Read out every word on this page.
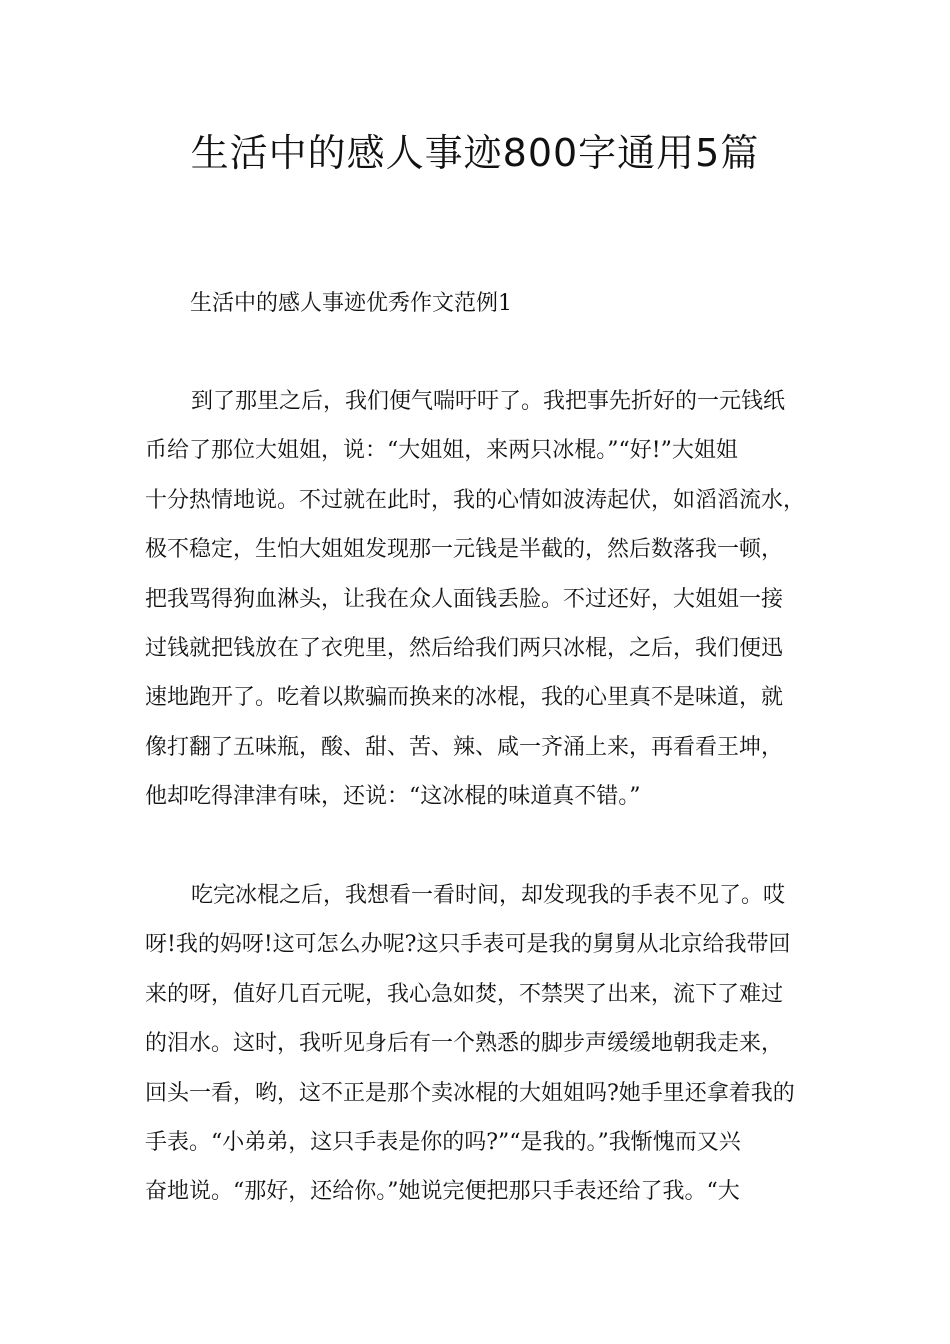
生活中的感人事迹800字通用5篇
生活中的感人事迹优秀作文范例1
到了那里之后，我们便气喘吁吁了。我把事先折好的一元钱纸
币给了那位大姐姐，说：“大姐姐，来两只冰棍。”“好!”大姐姐
十分热情地说。不过就在此时，我的心情如波涛起伏，如滔滔流水，
极不稳定，生怕大姐姐发现那一元钱是半截的，然后数落我一顿，
把我骂得狗血淋头，让我在众人面钱丢脸。不过还好，大姐姐一接
过钱就把钱放在了衣兜里，然后给我们两只冰棍，之后，我们便迅
速地跑开了。吃着以欺骗而换来的冰棍，我的心里真不是味道，就
像打翻了五味瓶，酸、甜、苦、辣、咸一齐涌上来，再看看王坤，
他却吃得津津有味，还说：“这冰棍的味道真不错。”
吃完冰棍之后，我想看一看时间，却发现我的手表不见了。哎
呀!我的妈呀!这可怎么办呢?这只手表可是我的舅舅从北京给我带回
来的呀，值好几百元呢，我心急如焚，不禁哭了出来，流下了难过
的泪水。这时，我听见身后有一个熟悉的脚步声缓缓地朝我走来，
回头一看，哟，这不正是那个卖冰棍的大姐姐吗?她手里还拿着我的
手表。“小弟弟，这只手表是你的吗?”“是我的。”我惭愧而又兴
奋地说。“那好，还给你。”她说完便把那只手表还给了我。“大
